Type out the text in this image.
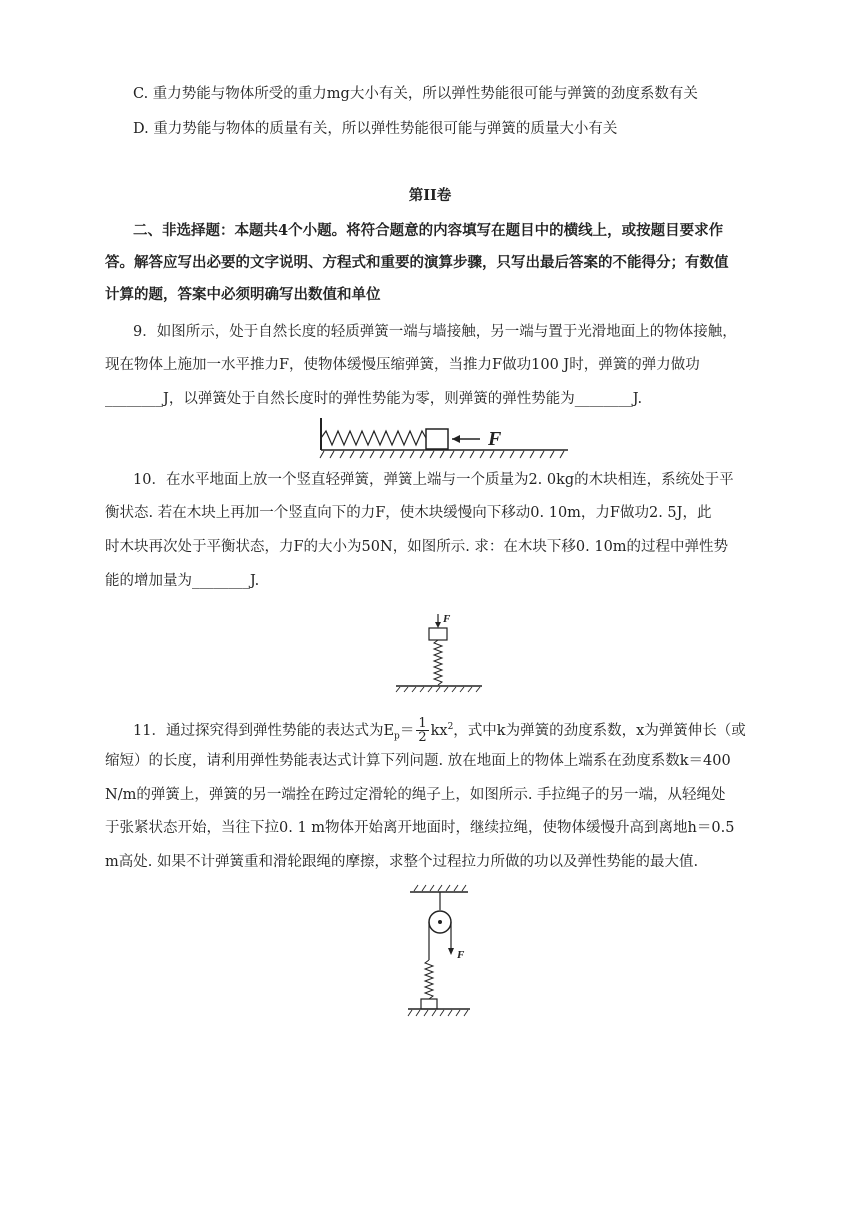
C. 重力势能与物体所受的重力mg大小有关，所以弹性势能很可能与弹簧的劲度系数有关
D. 重力势能与物体的质量有关，所以弹性势能很可能与弹簧的质量大小有关
第II卷
二、非选择题：本题共4个小题。将符合题意的内容填写在题目中的横线上，或按题目要求作
答。解答应写出必要的文字说明、方程式和重要的演算步骤，只写出最后答案的不能得分；有数值
计算的题，答案中必须明确写出数值和单位
9．如图所示，处于自然长度的轻质弹簧一端与墙接触，另一端与置于光滑地面上的物体接触，
现在物体上施加一水平推力F，使物体缓慢压缩弹簧，当推力F做功100 J时，弹簧的弹力做功
________J，以弹簧处于自然长度时的弹性势能为零，则弹簧的弹性势能为________J.
F
10．在水平地面上放一个竖直轻弹簧，弹簧上端与一个质量为2. 0kg的木块相连，系统处于平
衡状态. 若在木块上再加一个竖直向下的力F，使木块缓慢向下移动0. 10m，力F做功2. 5J，此
时木块再次处于平衡状态，力F的大小为50N，如图所示. 求：在木块下移0. 10m的过程中弹性势
能的增加量为________J.
F
11．通过探究得到弹性势能的表达式为$E_p= \frac{1}{2} kx^2$，式中k为弹簧的劲度系数，x为弹簧伸长（或
缩短）的长度，请利用弹性势能表达式计算下列问题. 放在地面上的物体上端系在劲度系数k＝400
N/m的弹簧上，弹簧的另一端拴在跨过定滑轮的绳子上，如图所示. 手拉绳子的另一端，从轻绳处
于张紧状态开始，当往下拉0. 1 m物体开始离开地面时，继续拉绳，使物体缓慢升高到离地h＝0.5
m高处. 如果不计弹簧重和滑轮跟绳的摩擦，求整个过程拉力所做的功以及弹性势能的最大值.
F
